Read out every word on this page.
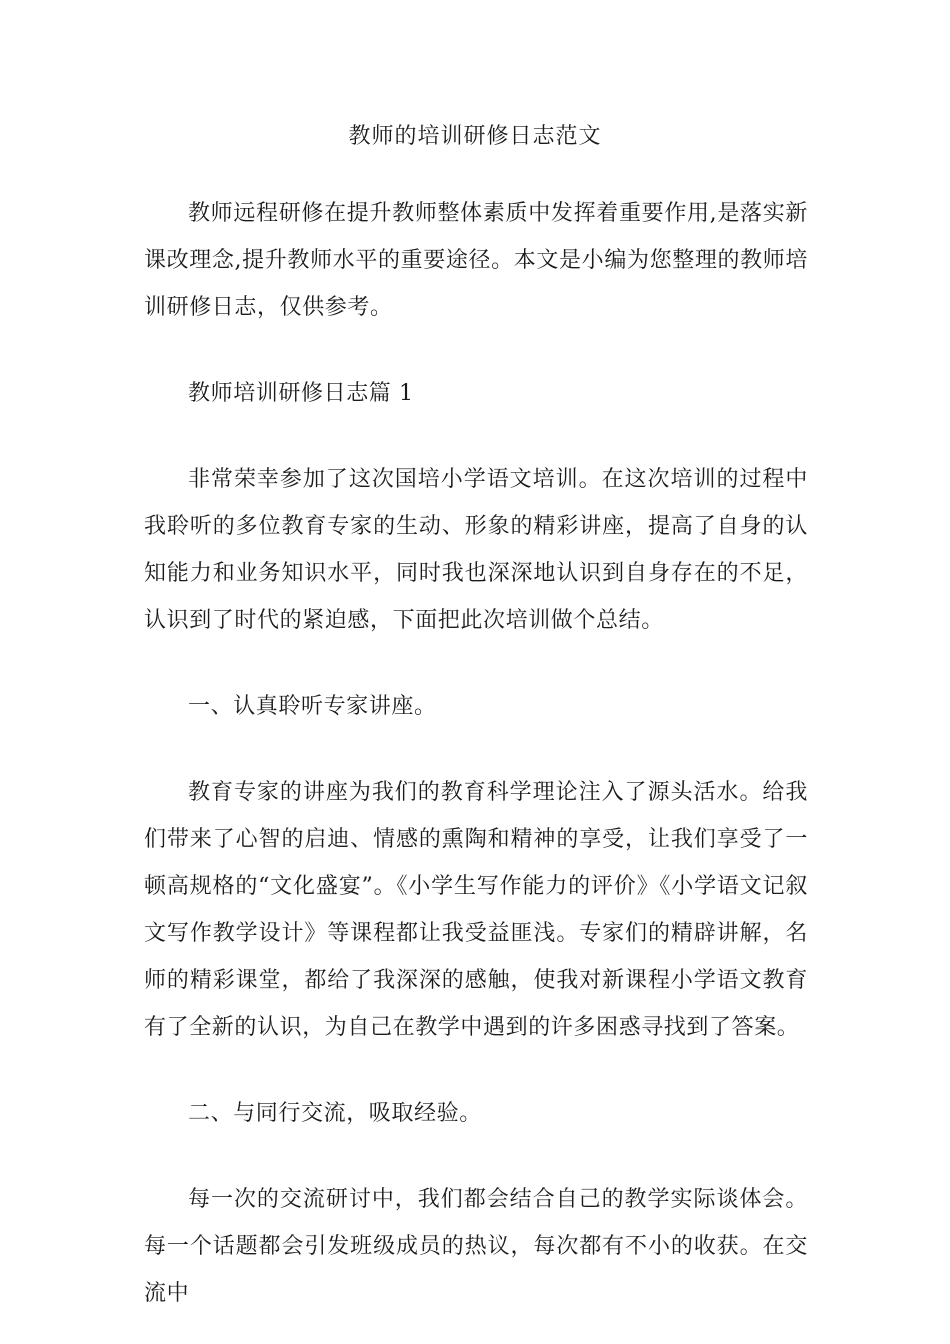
教师的培训研修日志范文

教师远程研修在提升教师整体素质中发挥着重要作用,是落实新课改理念,提升教师水平的重要途径。本文是小编为您整理的教师培训研修日志，仅供参考。

教师培训研修日志篇 1

非常荣幸参加了这次国培小学语文培训。在这次培训的过程中我聆听的多位教育专家的生动、形象的精彩讲座，提高了自身的认知能力和业务知识水平，同时我也深深地认识到自身存在的不足，认识到了时代的紧迫感，下面把此次培训做个总结。

一、认真聆听专家讲座。

教育专家的讲座为我们的教育科学理论注入了源头活水。给我们带来了心智的启迪、情感的熏陶和精神的享受，让我们享受了一顿高规格的“文化盛宴”。《小学生写作能力的评价》《小学语文记叙文写作教学设计》等课程都让我受益匪浅。专家们的精辟讲解，名师的精彩课堂，都给了我深深的感触，使我对新课程小学语文教育有了全新的认识，为自己在教学中遇到的许多困惑寻找到了答案。

二、与同行交流，吸取经验。

每一次的交流研讨中，我们都会结合自己的教学实际谈体会。每一个话题都会引发班级成员的热议，每次都有不小的收获。在交流中
